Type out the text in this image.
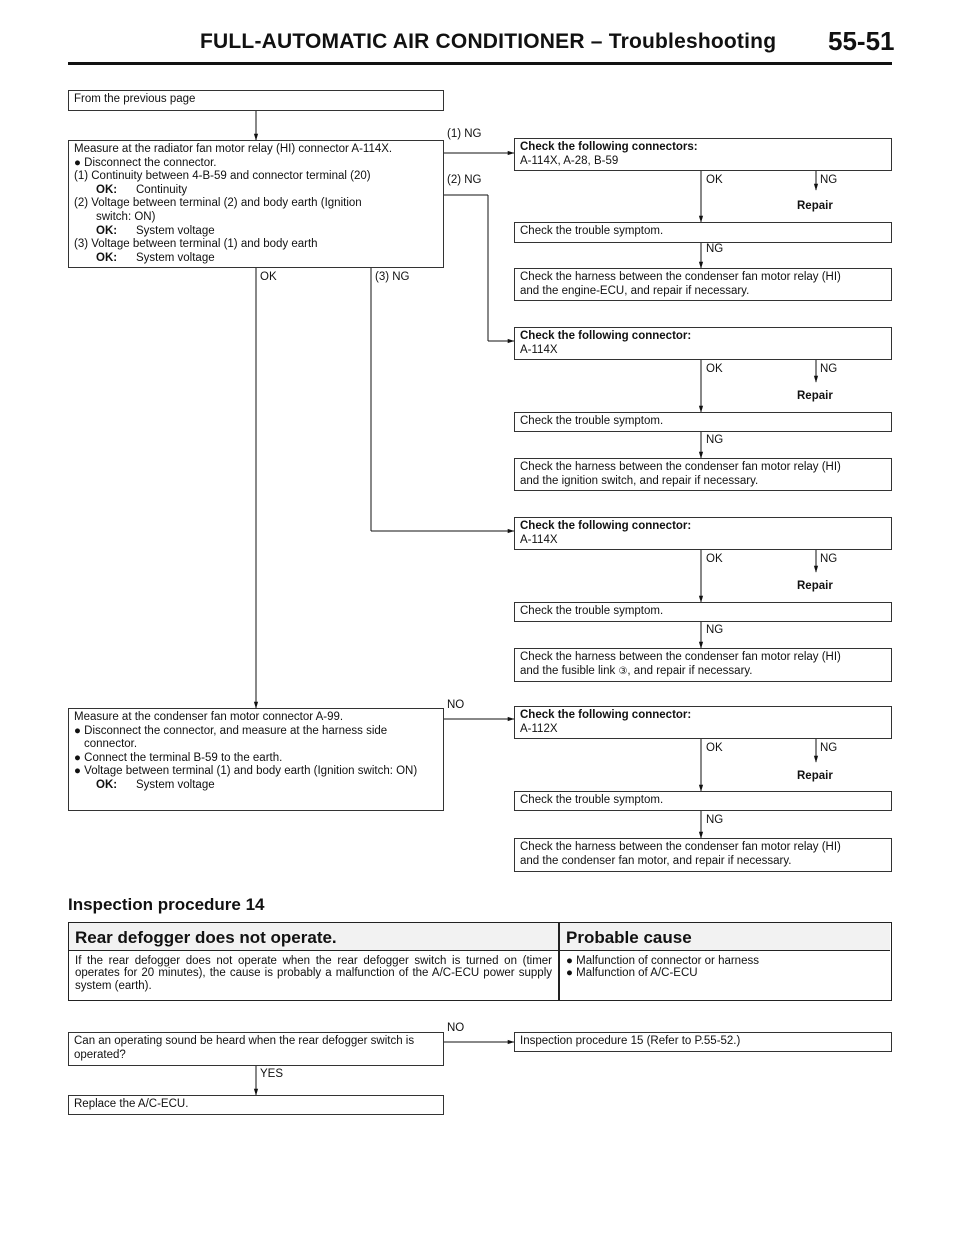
FULL-AUTOMATIC AIR CONDITIONER – Troubleshooting 55-51
From the previous page
Measure at the radiator fan motor relay (HI) connector A-114X.
● Disconnect the connector.
(1) Continuity between 4-B-59 and connector terminal (20)
OK: Continuity
(2) Voltage between terminal (2) and body earth (Ignition
switch: ON)
OK: System voltage
(3) Voltage between terminal (1) and body earth
OK: System voltage
(1) NG
(2) NG
(3) NG
OK
Check the following connectors:
A-114X, A-28, B-59
OK	NG
Repair
Check the trouble symptom.
NG
Check the harness between the condenser fan motor relay (HI)
and the engine-ECU, and repair if necessary.
Check the following connector:
A-114X
OK	NG
Repair
Check the trouble symptom.
NG
Check the harness between the condenser fan motor relay (HI)
and the ignition switch, and repair if necessary.
Check the following connector:
A-114X
OK	NG
Repair
Check the trouble symptom.
NG
Check the harness between the condenser fan motor relay (HI)
and the fusible link ③, and repair if necessary.
NO
Measure at the condenser fan motor connector A-99.
● Disconnect the connector, and measure at the harness side connector.
● Connect the terminal B-59 to the earth.
● Voltage between terminal (1) and body earth (Ignition switch: ON)
OK: System voltage
Check the following connector:
A-112X
OK	NG
Repair
Check the trouble symptom.
NG
Check the harness between the condenser fan motor relay (HI)
and the condenser fan motor, and repair if necessary.
Inspection procedure 14
Rear defogger does not operate.	Probable cause
If the rear defogger does not operate when the rear defogger switch is turned on (timer operates for 20 minutes), the cause is probably a malfunction of the A/C-ECU power supply system (earth).
● Malfunction of connector or harness
● Malfunction of A/C-ECU
NO
Can an operating sound be heard when the rear defogger switch is operated?
Inspection procedure 15 (Refer to P.55-52.)
YES
Replace the A/C-ECU.
